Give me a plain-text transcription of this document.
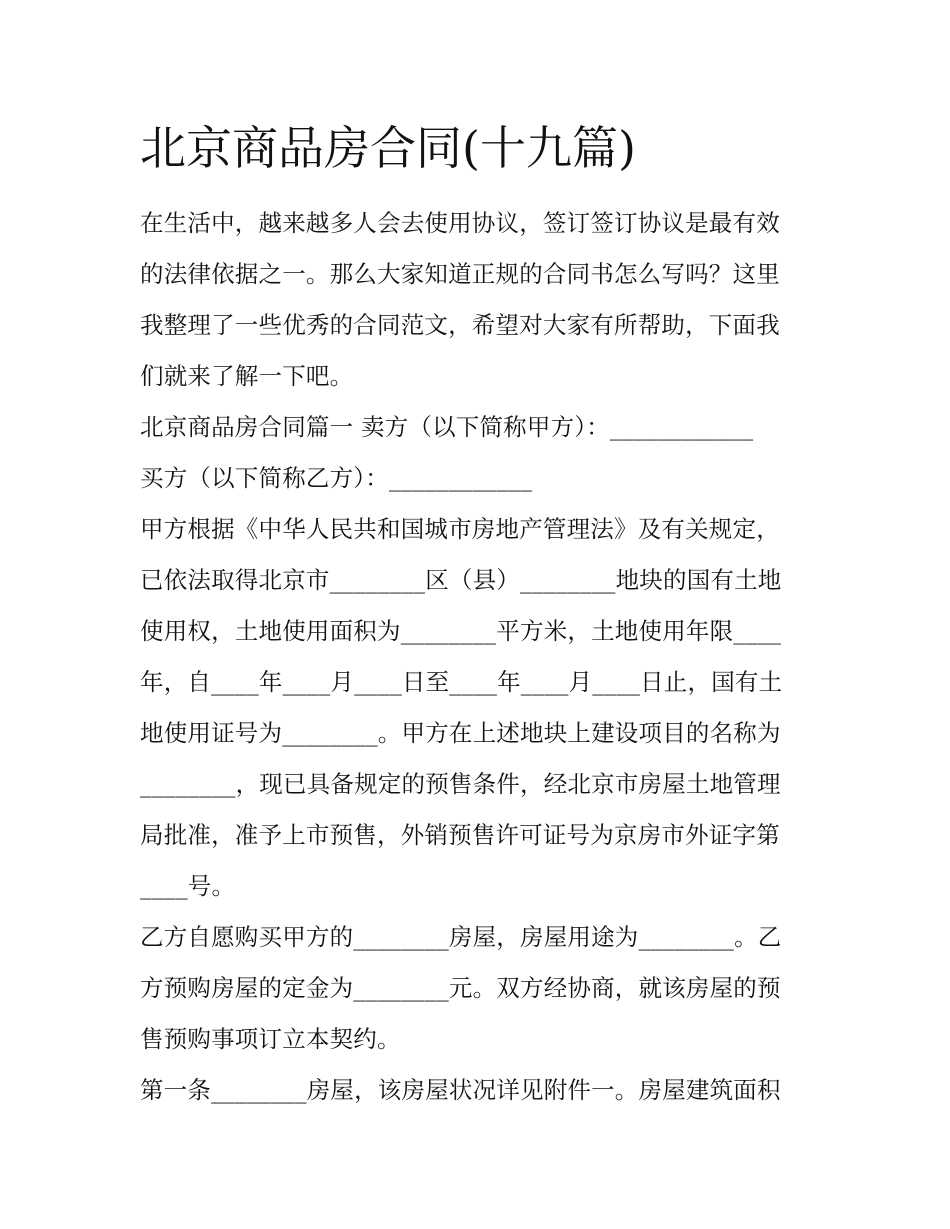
北京商品房合同(十九篇)
在生活中，越来越多人会去使用协议，签订签订协议是最有效
的法律依据之一。那么大家知道正规的合同书怎么写吗？这里
我整理了一些优秀的合同范文，希望对大家有所帮助，下面我
们就来了解一下吧。
北京商品房合同篇一 卖方（以下简称甲方）：____________
买方（以下简称乙方）：____________
甲方根据《中华人民共和国城市房地产管理法》及有关规定，
已依法取得北京市________区（县）________地块的国有土地
使用权，土地使用面积为________平方米，土地使用年限____
年，自____年____月____日至____年____月____日止，国有土
地使用证号为________。甲方在上述地块上建设项目的名称为
________，现已具备规定的预售条件，经北京市房屋土地管理
局批准，准予上市预售，外销预售许可证号为京房市外证字第
____号。
乙方自愿购买甲方的________房屋，房屋用途为________。乙
方预购房屋的定金为________元。双方经协商，就该房屋的预
售预购事项订立本契约。
第一条________房屋，该房屋状况详见附件一。房屋建筑面积
